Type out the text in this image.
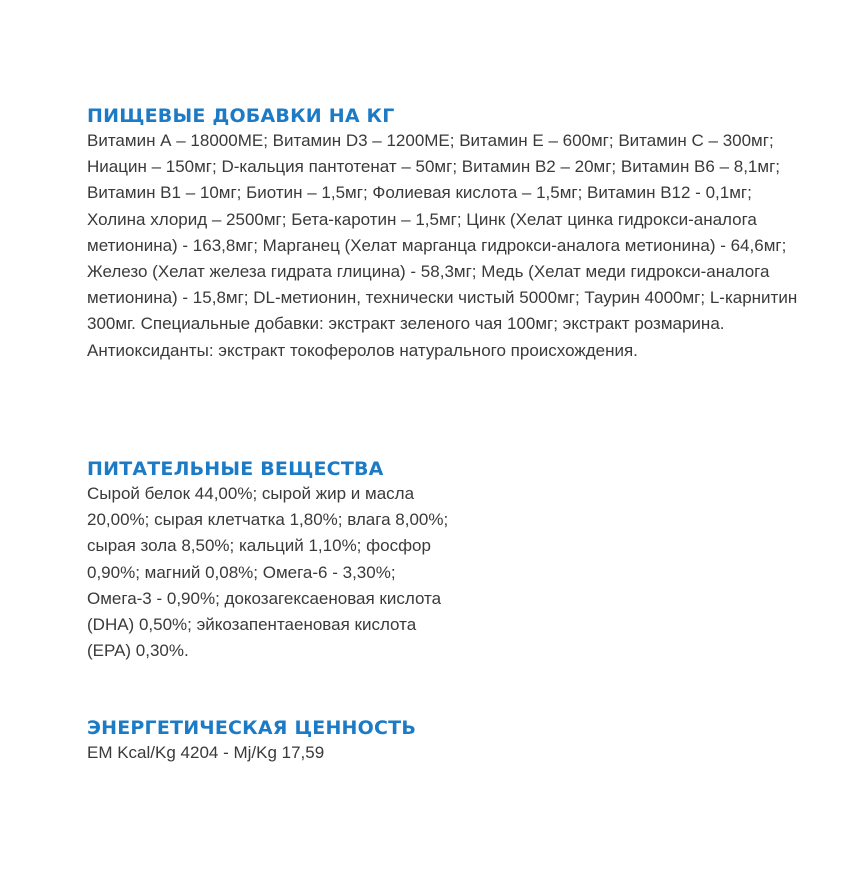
ПИЩЕВЫЕ ДОБАВКИ НА КГ

Витамин А – 18000МЕ; Витамин D3 – 1200МЕ; Витамин Е – 600мг; Витамин С – 300мг; Ниацин – 150мг; D-кальция пантотенат – 50мг; Витамин В2 – 20мг; Витамин В6 – 8,1мг; Витамин В1 – 10мг; Биотин – 1,5мг; Фолиевая кислота – 1,5мг; Витамин В12 - 0,1мг; Холина хлорид – 2500мг; Бета-каротин – 1,5мг; Цинк (Хелат цинка гидрокси-аналога метионина) - 163,8мг; Марганец (Хелат марганца гидрокси-аналога метионина) - 64,6мг; Железо (Хелат железа гидрата глицина) - 58,3мг; Медь (Хелат меди гидрокси-аналога метионина) - 15,8мг; DL-метионин, технически чистый 5000мг; Таурин 4000мг; L-карнитин 300мг. Специальные добавки: экстракт зеленого чая 100мг; экстракт розмарина. Антиоксиданты: экстракт токоферолов натурального происхождения.

ПИТАТЕЛЬНЫЕ ВЕЩЕСТВА

Сырой белок 44,00%; сырой жир и масла 20,00%; сырая клетчатка 1,80%; влага 8,00%; сырая зола 8,50%; кальций 1,10%; фосфор 0,90%; магний 0,08%; Омега-6 - 3,30%; Омега-3 - 0,90%; докозагексаеновая кислота (DHA) 0,50%; эйкозапентаеновая кислота (EPA) 0,30%.

ЭНЕРГЕТИЧЕСКАЯ ЦЕННОСТЬ

EM Kcal/Kg 4204 - Mj/Kg 17,59
